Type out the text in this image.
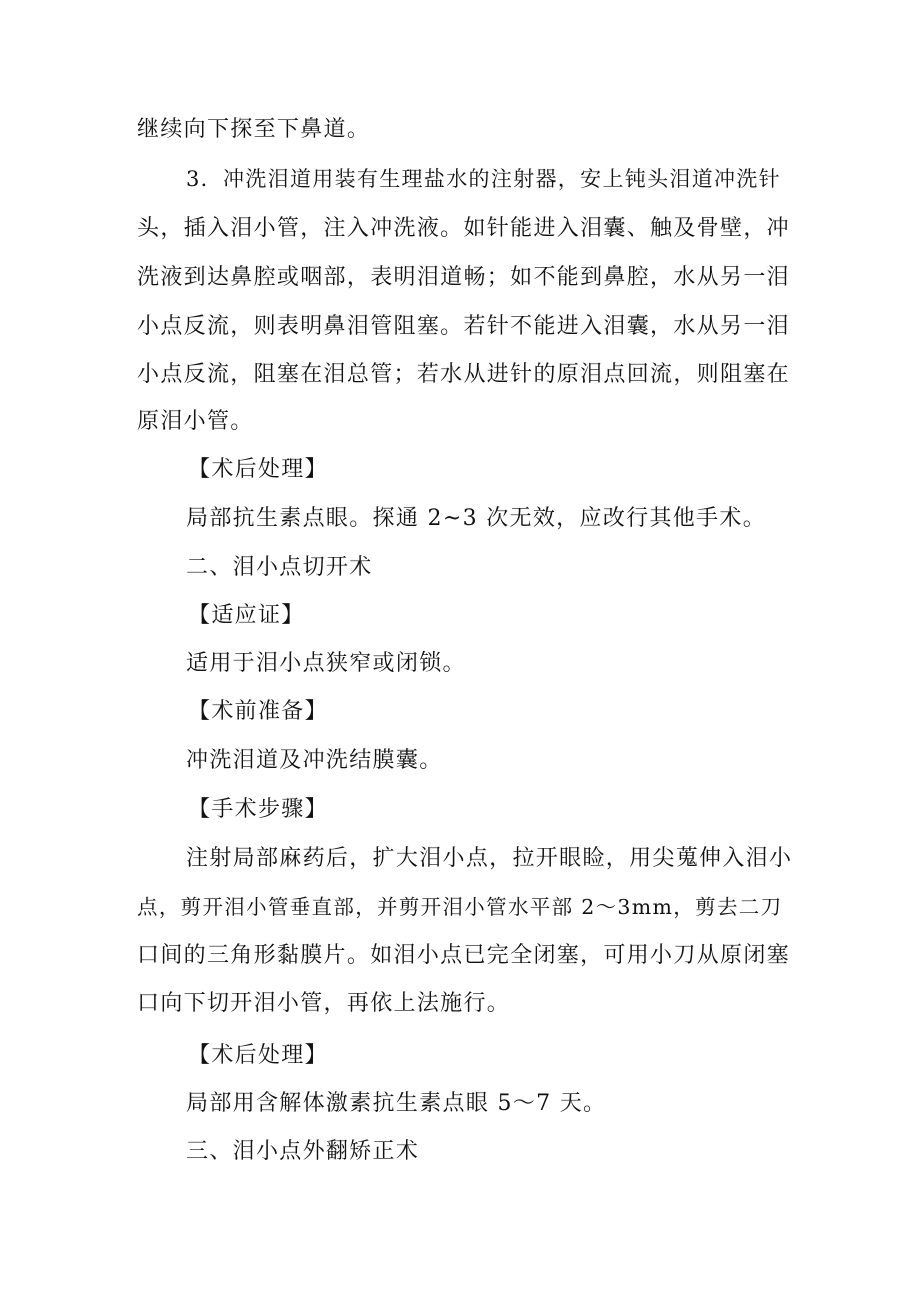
继续向下探至下鼻道。

3．冲洗泪道用装有生理盐水的注射器，安上钝头泪道冲洗针

头，插入泪小管，注入冲洗液。如针能进入泪囊、触及骨壁，冲

洗液到达鼻腔或咽部，表明泪道畅；如不能到鼻腔，水从另一泪

小点反流，则表明鼻泪管阻塞。若针不能进入泪囊，水从另一泪

小点反流，阻塞在泪总管；若水从进针的原泪点回流，则阻塞在

原泪小管。

【术后处理】

局部抗生素点眼。探通 2~3 次无效，应改行其他手术。

二、泪小点切开术

【适应证】

适用于泪小点狭窄或闭锁。

【术前准备】

冲洗泪道及冲洗结膜囊。

【手术步骤】

注射局部麻药后，扩大泪小点，拉开眼睑，用尖蒐伸入泪小

点，剪开泪小管垂直部，并剪开泪小管水平部 2～3mm，剪去二刀

口间的三角形黏膜片。如泪小点已完全闭塞，可用小刀从原闭塞

口向下切开泪小管，再依上法施行。

【术后处理】

局部用含解体激素抗生素点眼 5～7 天。

三、泪小点外翻矫正术
